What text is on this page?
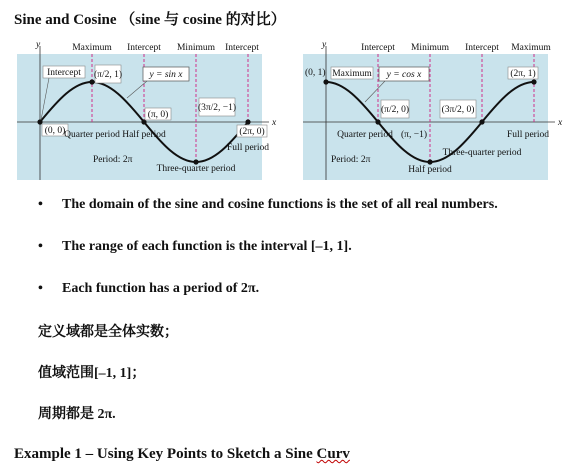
Sine and Cosine （sine 与 cosine 的对比）
y
x
Maximum Intercept Minimum Intercept
Intercept (π/2, 1)	y = sin x
(π, 0)
(3π/2, −1)
(0, 0)	(2π, 0)
Quarter period Half period
Three-quarter period
Full period
Period: 2π
y
x
Intercept Minimum Intercept Maximum
Maximum
(0, 1)	y = cos x	(2π, 1)
(π/2, 0)	(3π/2, 0)
(π, −1)
Quarter period
Half period
Three-quarter period
Full period
Period: 2π
• The domain of the sine and cosine functions is the set of all real numbers.
• The range of each function is the interval [–1, 1].
• Each function has a period of 2π.
定义域都是全体实数；
值域范围[–1, 1]；
周期都是 2π.
Example 1 – Using Key Points to Sketch a Sine Curv
